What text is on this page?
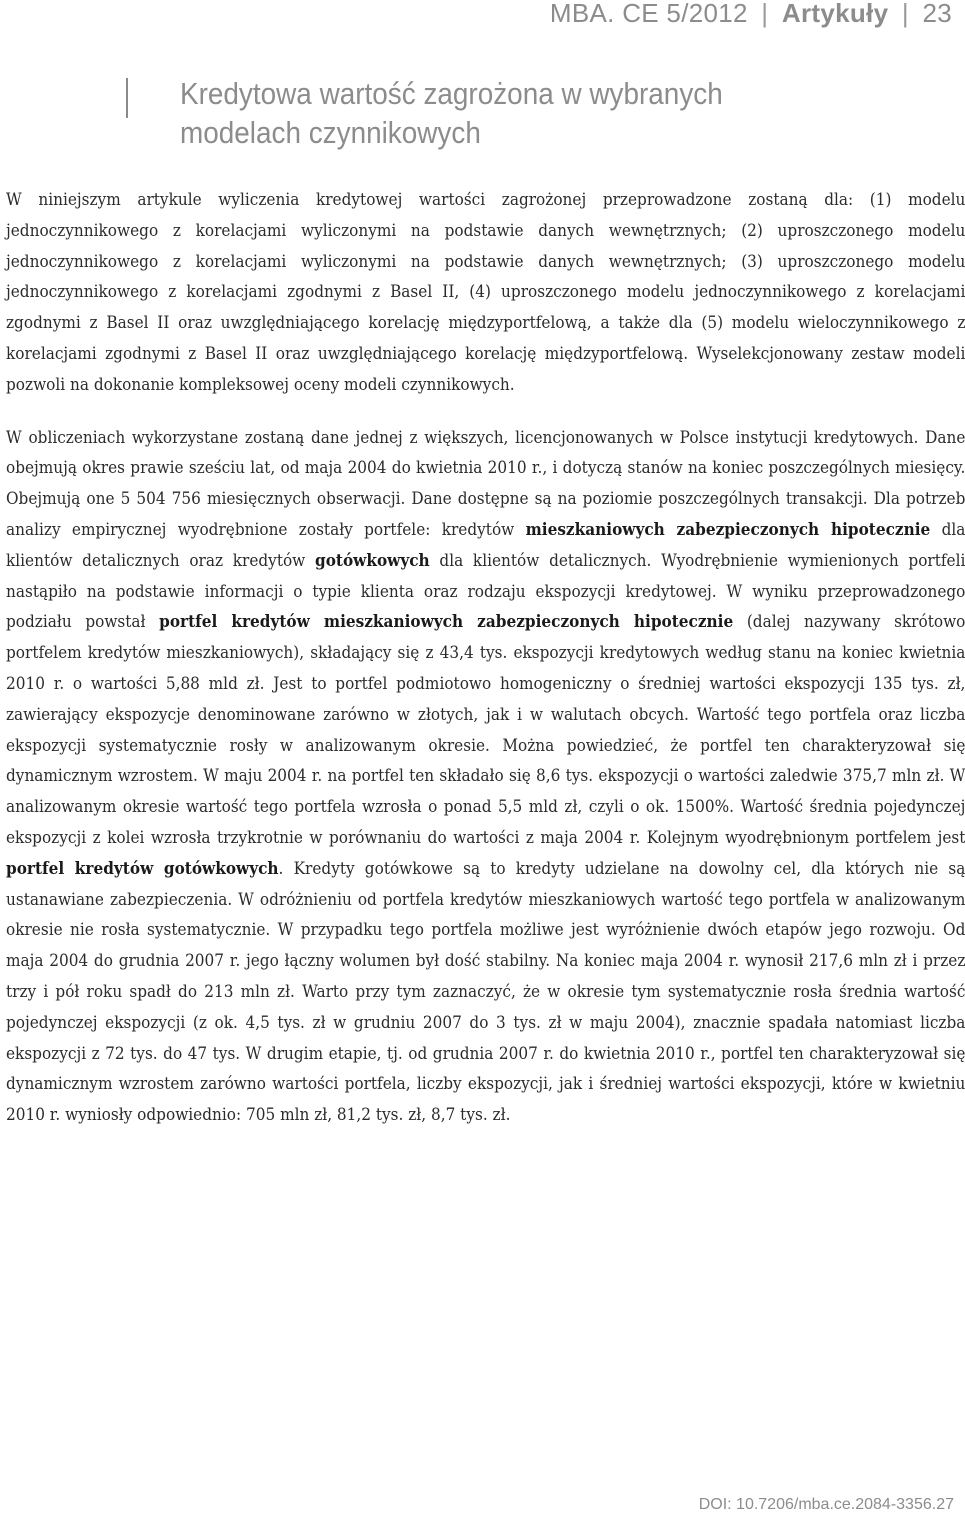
MBA. CE 5/2012 | Artykuły | 23
Kredytowa wartość zagrożona w wybranych modelach czynnikowych

W niniejszym artykule wyliczenia kredytowej wartości zagrożonej przeprowadzone zostaną dla: (1) modelu jednoczynnikowego z korelacjami wyliczonymi na podstawie danych wewnętrznych; (2) uproszczonego modelu jednoczynnikowego z korelacjami wyliczonymi na podstawie danych wewnętrznych; (3) uproszczonego modelu jednoczynnikowego z korelacjami zgodnymi z Basel II, (4) uproszczonego modelu jednoczynnikowego z korelacjami zgodnymi z Basel II oraz uwzględniającego korelację międzyportfelową, a także dla (5) modelu wieloczynnikowego z korelacjami zgodnymi z Basel II oraz uwzględniającego korelację międzyportfelową. Wyselekcjonowany zestaw modeli pozwoli na dokonanie kompleksowej oceny modeli czynnikowych.

W obliczeniach wykorzystane zostaną dane jednej z większych, licencjonowanych w Polsce instytucji kredytowych. Dane obejmują okres prawie sześciu lat, od maja 2004 do kwietnia 2010 r., i dotyczą stanów na koniec poszczególnych miesięcy. Obejmują one 5 504 756 miesięcznych obserwacji. Dane dostępne są na poziomie poszczególnych transakcji. Dla potrzeb analizy empirycznej wyodrębnione zostały portfele: kredytów mieszkaniowych zabezpieczonych hipotecznie dla klientów detalicznych oraz kredytów gotówkowych dla klientów detalicznych. Wyodrębnienie wymienionych portfeli nastąpiło na podstawie informacji o typie klienta oraz rodzaju ekspozycji kredytowej. W wyniku przeprowadzonego podziału powstał portfel kredytów mieszkaniowych zabezpieczonych hipotecznie (dalej nazywany skrótowo portfelem kredytów mieszkaniowych), składający się z 43,4 tys. ekspozycji kredytowych według stanu na koniec kwietnia 2010 r. o wartości 5,88 mld zł. Jest to portfel podmiotowo homogeniczny o średniej wartości ekspozycji 135 tys. zł, zawierający ekspozycje denominowane zarówno w złotych, jak i w walutach obcych. Wartość tego portfela oraz liczba ekspozycji systematycznie rosły w analizowanym okresie. Można powiedzieć, że portfel ten charakteryzował się dynamicznym wzrostem. W maju 2004 r. na portfel ten składało się 8,6 tys. ekspozycji o wartości zaledwie 375,7 mln zł. W analizowanym okresie wartość tego portfela wzrosła o ponad 5,5 mld zł, czyli o ok. 1500%. Wartość średnia pojedynczej ekspozycji z kolei wzrosła trzykrotnie w porównaniu do wartości z maja 2004 r. Kolejnym wyodrębnionym portfelem jest portfel kredytów gotówkowych. Kredyty gotówkowe są to kredyty udzielane na dowolny cel, dla których nie są ustanawiane zabezpieczenia. W odróżnieniu od portfela kredytów mieszkaniowych wartość tego portfela w analizowanym okresie nie rosła systematycznie. W przypadku tego portfela możliwe jest wyróżnienie dwóch etapów jego rozwoju. Od maja 2004 do grudnia 2007 r. jego łączny wolumen był dość stabilny. Na koniec maja 2004 r. wynosił 217,6 mln zł i przez trzy i pół roku spadł do 213 mln zł. Warto przy tym zaznaczyć, że w okresie tym systematycznie rosła średnia wartość pojedynczej ekspozycji (z ok. 4,5 tys. zł w grudniu 2007 do 3 tys. zł w maju 2004), znacznie spadała natomiast liczba ekspozycji z 72 tys. do 47 tys. W drugim etapie, tj. od grudnia 2007 r. do kwietnia 2010 r., portfel ten charakteryzował się dynamicznym wzrostem zarówno wartości portfela, liczby ekspozycji, jak i średniej wartości ekspozycji, które w kwietniu 2010 r. wyniosły odpowiednio: 705 mln zł, 81,2 tys. zł, 8,7 tys. zł.

DOI: 10.7206/mba.ce.2084-3356.27
